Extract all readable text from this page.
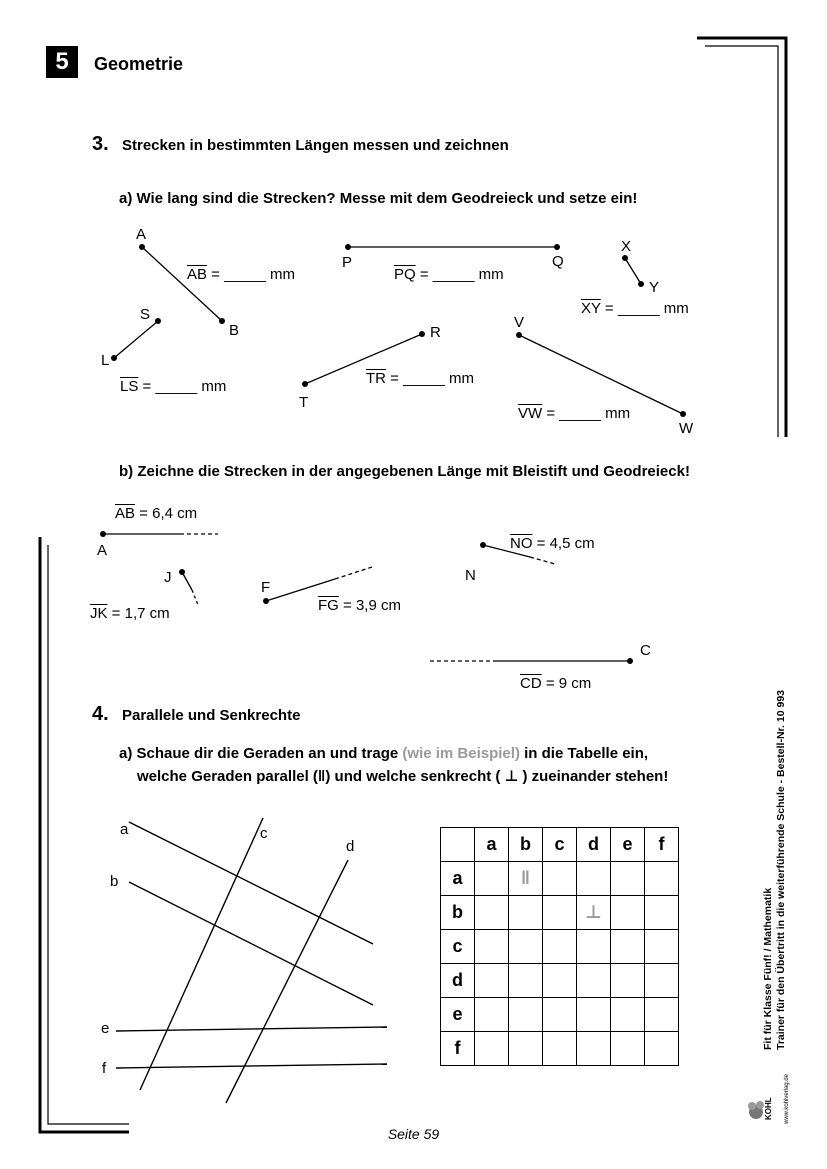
5	Geometrie
3. Strecken in bestimmten Längen messen und zeichnen
a) Wie lang sind die Strecken? Messe mit dem Geodreieck und setze ein!
A
B
P	Q
X
Y
S
L
R
T
V
W
$\overline{AB}$ = _____ mm	$\overline{PQ}$ = _____ mm
$\overline{XY}$ = _____ mm
$\overline{LS}$ = _____ mm	$\overline{TR}$ = _____ mm
$\overline{VW}$ = _____ mm
b) Zeichne die Strecken in der angegebenen Länge mit Bleistift und Geodreieck!
A
J
F
N
C
$\overline{AB} = 6,4$ cm
$\overline{NO} = 4,5$ cm
$\overline{JK} = 1,7$ cm	$\overline{FG} = 3,9$ cm
$\overline{CD} = 9$ cm
4. Parallele und Senkrechte
a) Schaue dir die Geraden an und trage (wie im Beispiel) in die Tabelle ein,
welche Geraden parallel (‖) und welche senkrecht ( ⊥ ) zueinander stehen!
a
b
c
d
e
f
	a	b	c	d	e	f
a		‖				
b				⊥		
c						
d						
e						
f							Fit für Klasse Fünf! / Mathematik Trainer für den Übertritt in die weiterführende Schule - Bestell-Nr. 10 993
KOHL www.kohlverlag.de
Seite 59
